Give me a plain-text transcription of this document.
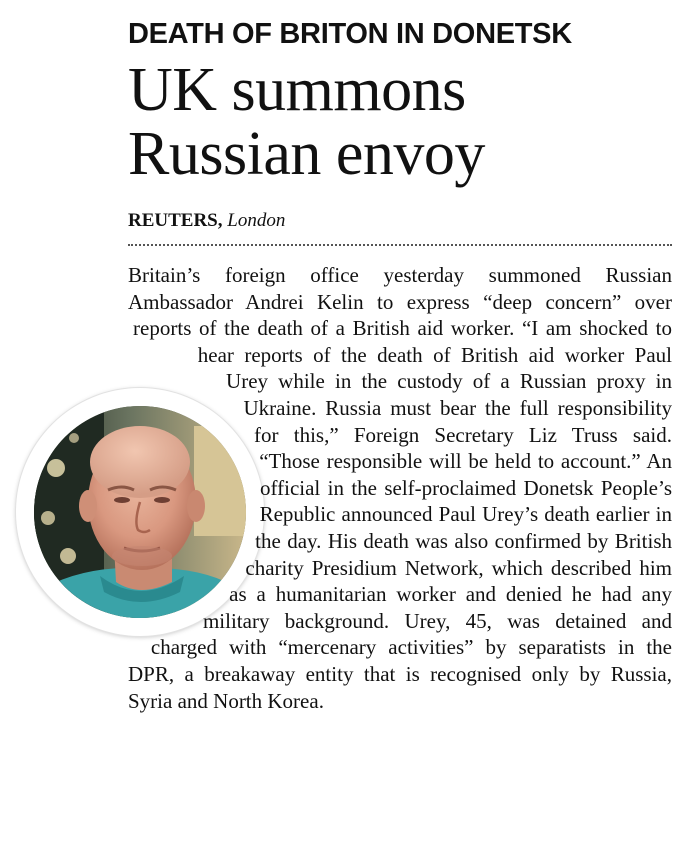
DEATH OF BRITON IN DONETSK
UK summons
Russian envoy
REUTERS, London
Britain’s foreign office yesterday summoned Russian Ambassador Andrei Kelin to express “deep concern” over reports of the death of a British aid worker. “I am shocked to hear reports of the death of British aid worker Paul Urey while in the custody of a Russian proxy in Ukraine. Russia must bear the full responsibility for this,” Foreign Secretary Liz Truss said. “Those responsible will be held to account.” An official in the self-proclaimed Donetsk People’s Republic announced Paul Urey’s death earlier in the day. His death was also confirmed by British charity Presidium Network, which described him as a humanitarian worker and denied he had any military background. Urey, 45, was detained and charged with “mercenary activities” by separatists in the DPR, a breakaway entity that is recognised only by Russia, Syria and North Korea.
